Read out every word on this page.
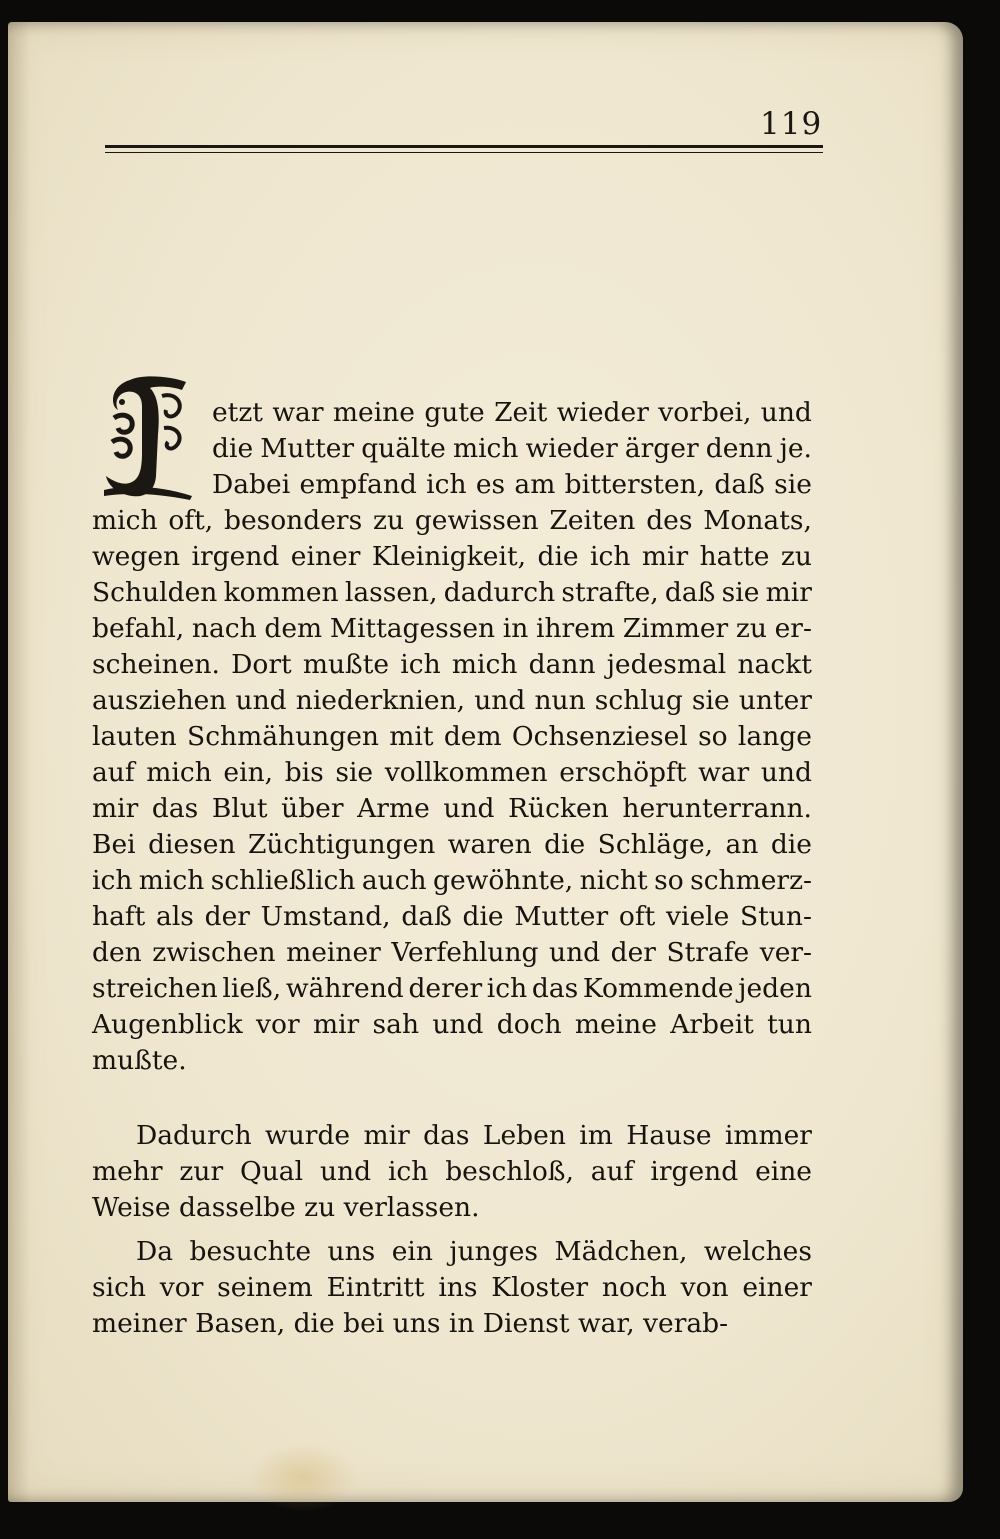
119
etzt war meine gute Zeit wieder vorbei, und
die Mutter quälte mich wieder ärger denn je.
Dabei empfand ich es am bittersten, daß sie
mich oft, besonders zu gewissen Zeiten des Monats,
wegen irgend einer Kleinigkeit, die ich mir hatte zu
Schulden kommen lassen, dadurch strafte, daß sie mir
befahl, nach dem Mittagessen in ihrem Zimmer zu er-
scheinen. Dort mußte ich mich dann jedesmal nackt
ausziehen und niederknien, und nun schlug sie unter
lauten Schmähungen mit dem Ochsenziesel so lange
auf mich ein, bis sie vollkommen erschöpft war und
mir das Blut über Arme und Rücken herunterrann.
Bei diesen Züchtigungen waren die Schläge, an die
ich mich schließlich auch gewöhnte, nicht so schmerz-
haft als der Umstand, daß die Mutter oft viele Stun-
den zwischen meiner Verfehlung und der Strafe ver-
streichen ließ, während derer ich das Kommende jeden
Augenblick vor mir sah und doch meine Arbeit tun
mußte.
Dadurch wurde mir das Leben im Hause immer
mehr zur Qual und ich beschloß, auf irgend eine
Weise dasselbe zu verlassen.
Da besuchte uns ein junges Mädchen, welches
sich vor seinem Eintritt ins Kloster noch von einer
meiner Basen, die bei uns in Dienst war, verab-
